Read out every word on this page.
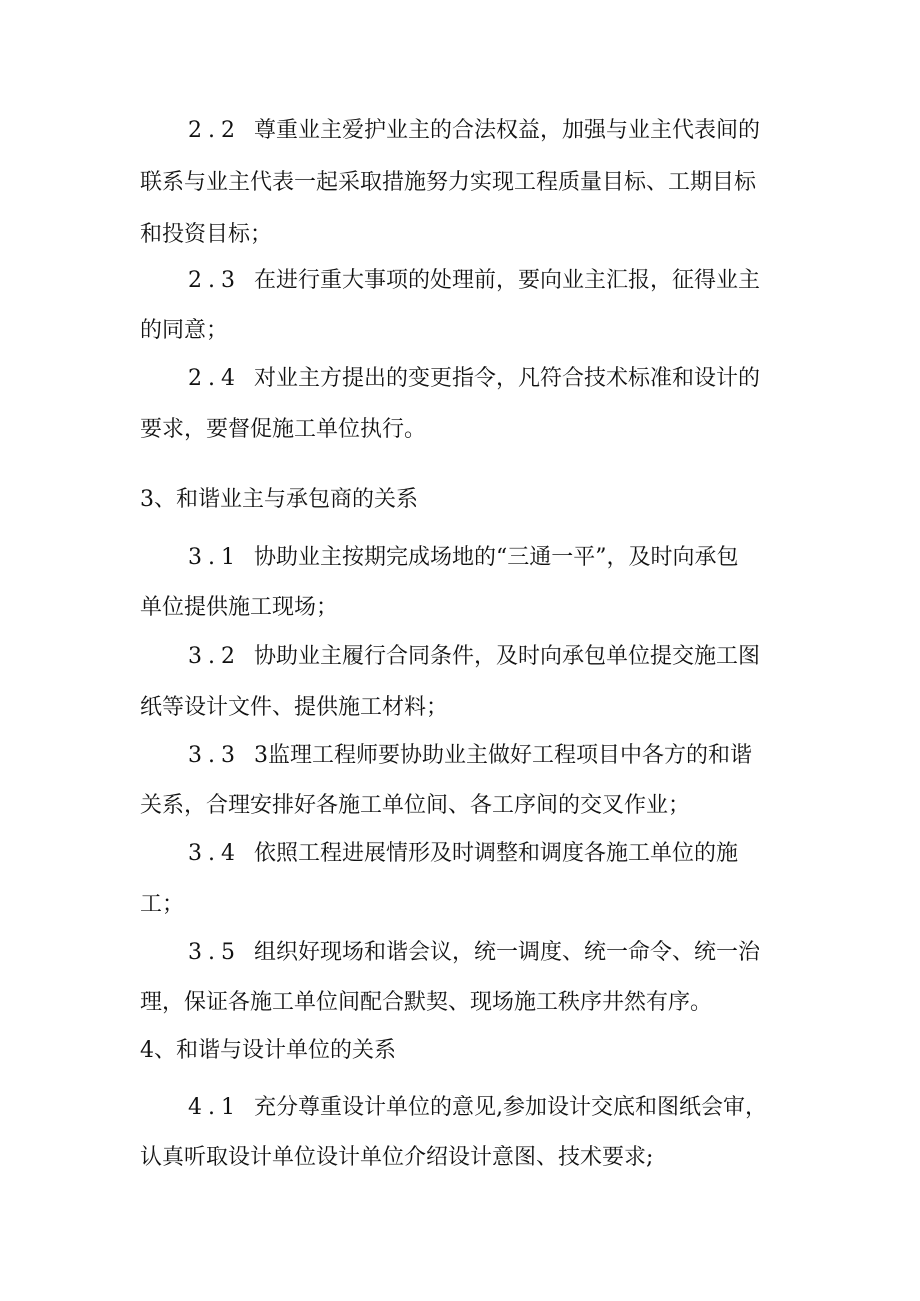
2.2 尊重业主爱护业主的合法权益，加强与业主代表间的
联系与业主代表一起采取措施努力实现工程质量目标、工期目标
和投资目标；
2.3 在进行重大事项的处理前，要向业主汇报，征得业主
的同意；
2.4 对业主方提出的变更指令，凡符合技术标准和设计的
要求，要督促施工单位执行。
3、和谐业主与承包商的关系
3.1 协助业主按期完成场地的“三通一平”，及时向承包
单位提供施工现场；
3.2 协助业主履行合同条件，及时向承包单位提交施工图
纸等设计文件、提供施工材料；
3.3 3监理工程师要协助业主做好工程项目中各方的和谐
关系，合理安排好各施工单位间、各工序间的交叉作业；
3.4 依照工程进展情形及时调整和调度各施工单位的施
工；
3.5 组织好现场和谐会议，统一调度、统一命令、统一治
理，保证各施工单位间配合默契、现场施工秩序井然有序。
4、和谐与设计单位的关系
4.1 充分尊重设计单位的意见,参加设计交底和图纸会审，
认真听取设计单位设计单位介绍设计意图、技术要求;
